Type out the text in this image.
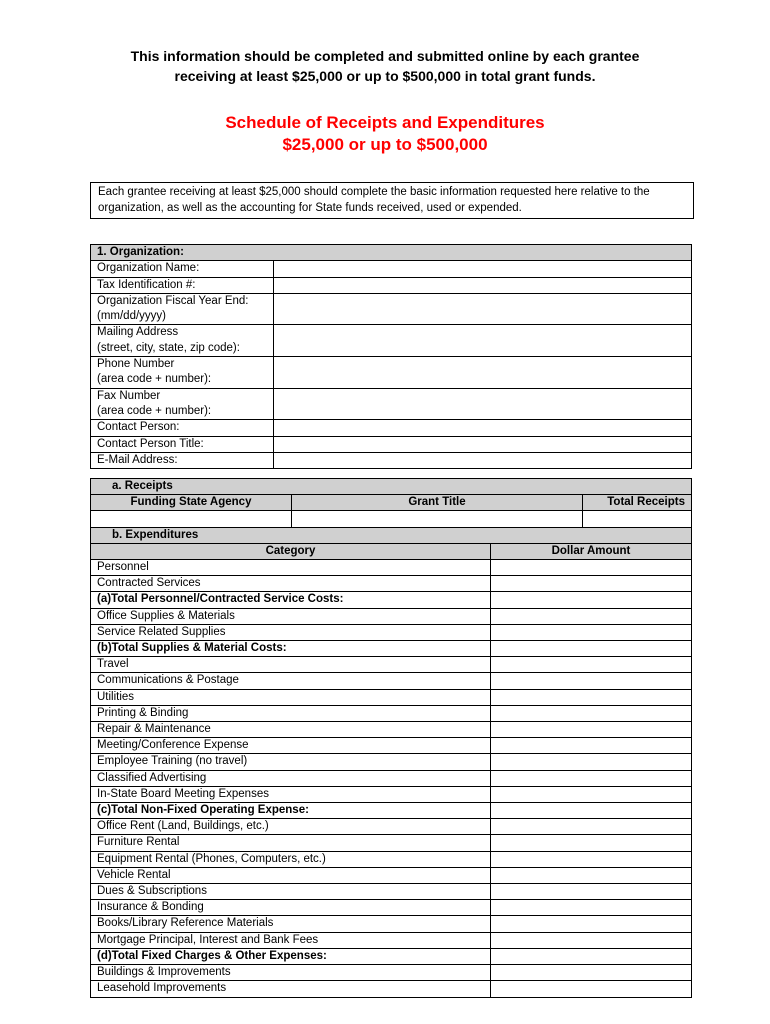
This information should be completed and submitted online by each grantee
receiving at least $25,000 or up to $500,000 in total grant funds.
Schedule of Receipts and Expenditures
$25,000 or up to $500,000
Each grantee receiving at least $25,000 should complete the basic information requested here relative to the organization, as well as the accounting for State funds received, used or expended.
1. Organization:	

Organization Name:	

Tax Identification #:	

Organization Fiscal Year End:
(mm/dd/yyyy)	

Mailing Address
(street, city, state, zip code):	

Phone Number
(area code + number):	

Fax Number
(area code + number):	

Contact Person:	

Contact Person Title:	

E-Mail Address:	

a. Receipts			
Funding State Agency	Grant Title		Total Receipts

b. Expenditures			
Category		Dollar Amount	
Personnel			
Contracted Services			
(a)Total Personnel/Contracted Service Costs:			
Office Supplies & Materials			
Service Related Supplies			
(b)Total Supplies & Material Costs:			
Travel			
Communications & Postage			
Utilities			
Printing & Binding			
Repair & Maintenance			
Meeting/Conference Expense			
Employee Training (no travel)			
Classified Advertising			
In-State Board Meeting Expenses			
(c)Total Non-Fixed Operating Expense:			
Office Rent (Land, Buildings, etc.)			
Furniture Rental			
Equipment Rental (Phones, Computers, etc.)			
Vehicle Rental			
Dues & Subscriptions			
Insurance & Bonding			
Books/Library Reference Materials			
Mortgage Principal, Interest and Bank Fees			
(d)Total Fixed Charges & Other Expenses:			
Buildings & Improvements			
Leasehold Improvements			
